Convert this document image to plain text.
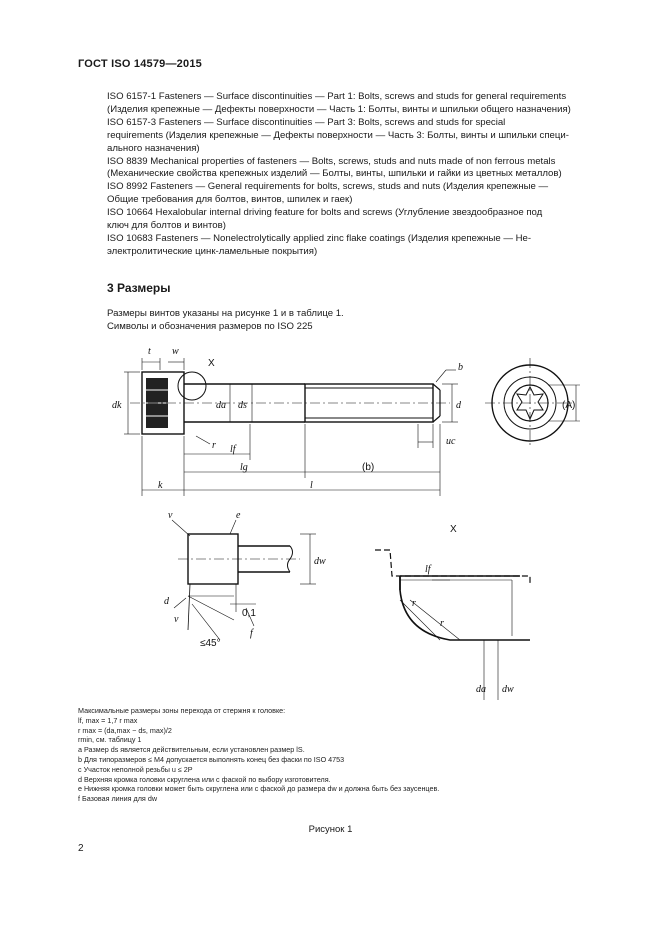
ГОСТ ISO 14579—2015

ISO 6157-1 Fasteners — Surface discontinuities — Part 1: Bolts, screws and studs for general requirements

(Изделия крепежные — Дефекты поверхности — Часть 1: Болты, винты и шпильки общего назначения)

ISO 6157-3 Fasteners — Surface discontinuities — Part 3: Bolts, screws and studs for special

requirements (Изделия крепежные — Дефекты поверхности — Часть 3: Болты, винты и шпильки специ-

ального назначения)

ISO 8839 Mechanical properties of fasteners — Bolts, screws, studs and nuts made of non ferrous metals

(Механические свойства крепежных изделий — Болты, винты, шпильки и гайки из цветных металлов)

ISO 8992 Fasteners — General requirements for bolts, screws, studs and nuts (Изделия крепежные —

Общие требования для болтов, винтов, шпилек и гаек)

ISO 10664 Hexalobular internal driving feature for bolts and screws (Углубление звездообразное под

ключ для болтов и винтов)

ISO 10683 Fasteners — Nonelectrolytically applied zinc flake coatings (Изделия крепежные — Не-

электролитические цинк-ламельные покрытия)

3 Размеры
Размеры винтов указаны на рисунке 1 и в таблице 1.
Символы и обозначения размеров по ISO 225
t w
X	b
dk	da ds	d
r lf
lg	(b)
uc
k	l
(A)
v	e
dw
d
v
≤45°
0,1
f
X
lf
r
r
da dw
Максимальные размеры зоны перехода от стержня к головке:
lf, max = 1,7 r max
r max = (da,max − ds, max)/2
rmin, см. таблицу 1
a Размер ds является действительным, если установлен размер lS.
b Для типоразмеров ≤ M4 допускается выполнять конец без фаски по ISO 4753
c Участок неполной резьбы u ≤ 2P
d Верхняя кромка головки скруглена или с фаской по выбору изготовителя.
e Нижняя кромка головки может быть скруглена или с фаской до размера dw и должна быть без заусенцев.
f Базовая линия для dw
Рисунок 1
2
